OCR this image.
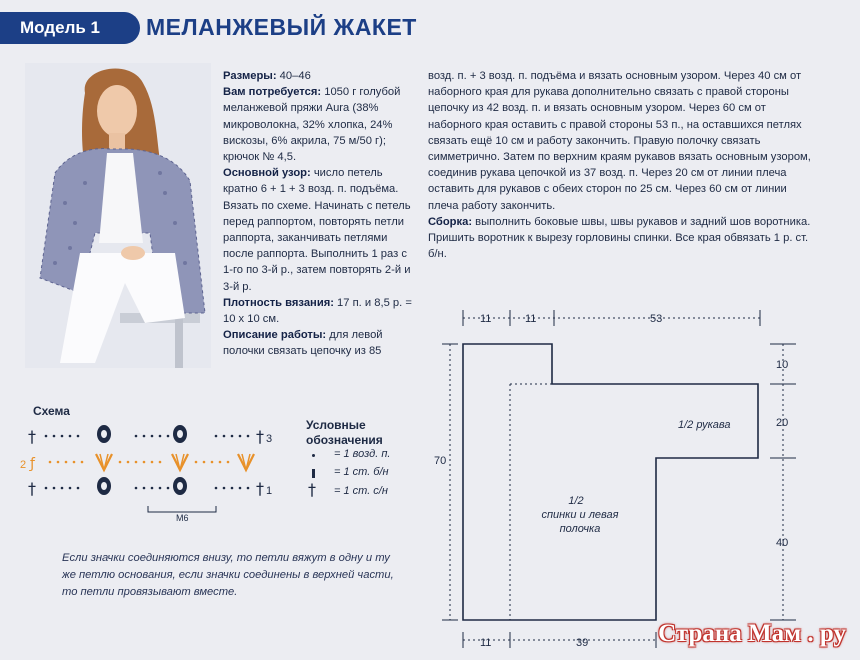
Модель 1	МЕЛАНЖЕВЫЙ ЖАКЕТ

Размеры: 40–46

Вам потребуется: 1050 г голубой меланжевой пряжи Aura (38% микроволокна, 32% хлопка, 24% вискозы, 6% акрила, 75 м/50 г); крючок № 4,5.

Основной узор: число петель кратно 6 + 1 + 3 возд. п. подъёма. Вязать по схеме. Начинать с петель перед раппортом, повторять петли раппорта, заканчивать петлями после раппорта. Выполнить 1 раз с 1-го по 3-й р., затем повторять 2-й и 3-й р.

Плотность вязания: 17 п. и 8,5 р. = 10 х 10 см.

Описание работы: для левой полочки связать цепочку из 85

возд. п. + 3 возд. п. подъёма и вязать основным узором. Через 40 см от наборного края для рукава дополнительно связать с правой стороны цепочку из 42 возд. п. и вязать основным узором. Через 60 см от наборного края оставить с правой стороны 53 п., на оставшихся петлях связать ещё 10 см и работу закончить. Правую полочку связать симметрично. Затем по верхним краям рукавов вязать основным узором, соединив рукава цепочкой из 37 возд. п. Через 20 см от линии плеча оставить для рукавов с обеих сторон по 25 см. Через 60 см от линии плеча работу закончить.

Сборка: выполнить боковые швы, швы рукавов и задний шов воротника. Пришить воротник к вырезу горловины спинки. Все края обвязать 1 р. ст. б/н.

Схема
†	† 3
2 ƒ
†	† 1
М6
Условные
обозначения
= 1 возд. п.
= 1 ст. б/н
† = 1 ст. с/н
Если значки соединяются внизу, то петли вяжут в одну и ту же петлю основания, если значки соединены в верхней части, то петли провязывают вместе.
11	11	53
10
20
40
70
11	39
1/2 рукава
1/2
спинки и левая
полочка
Страна Мам . ру
